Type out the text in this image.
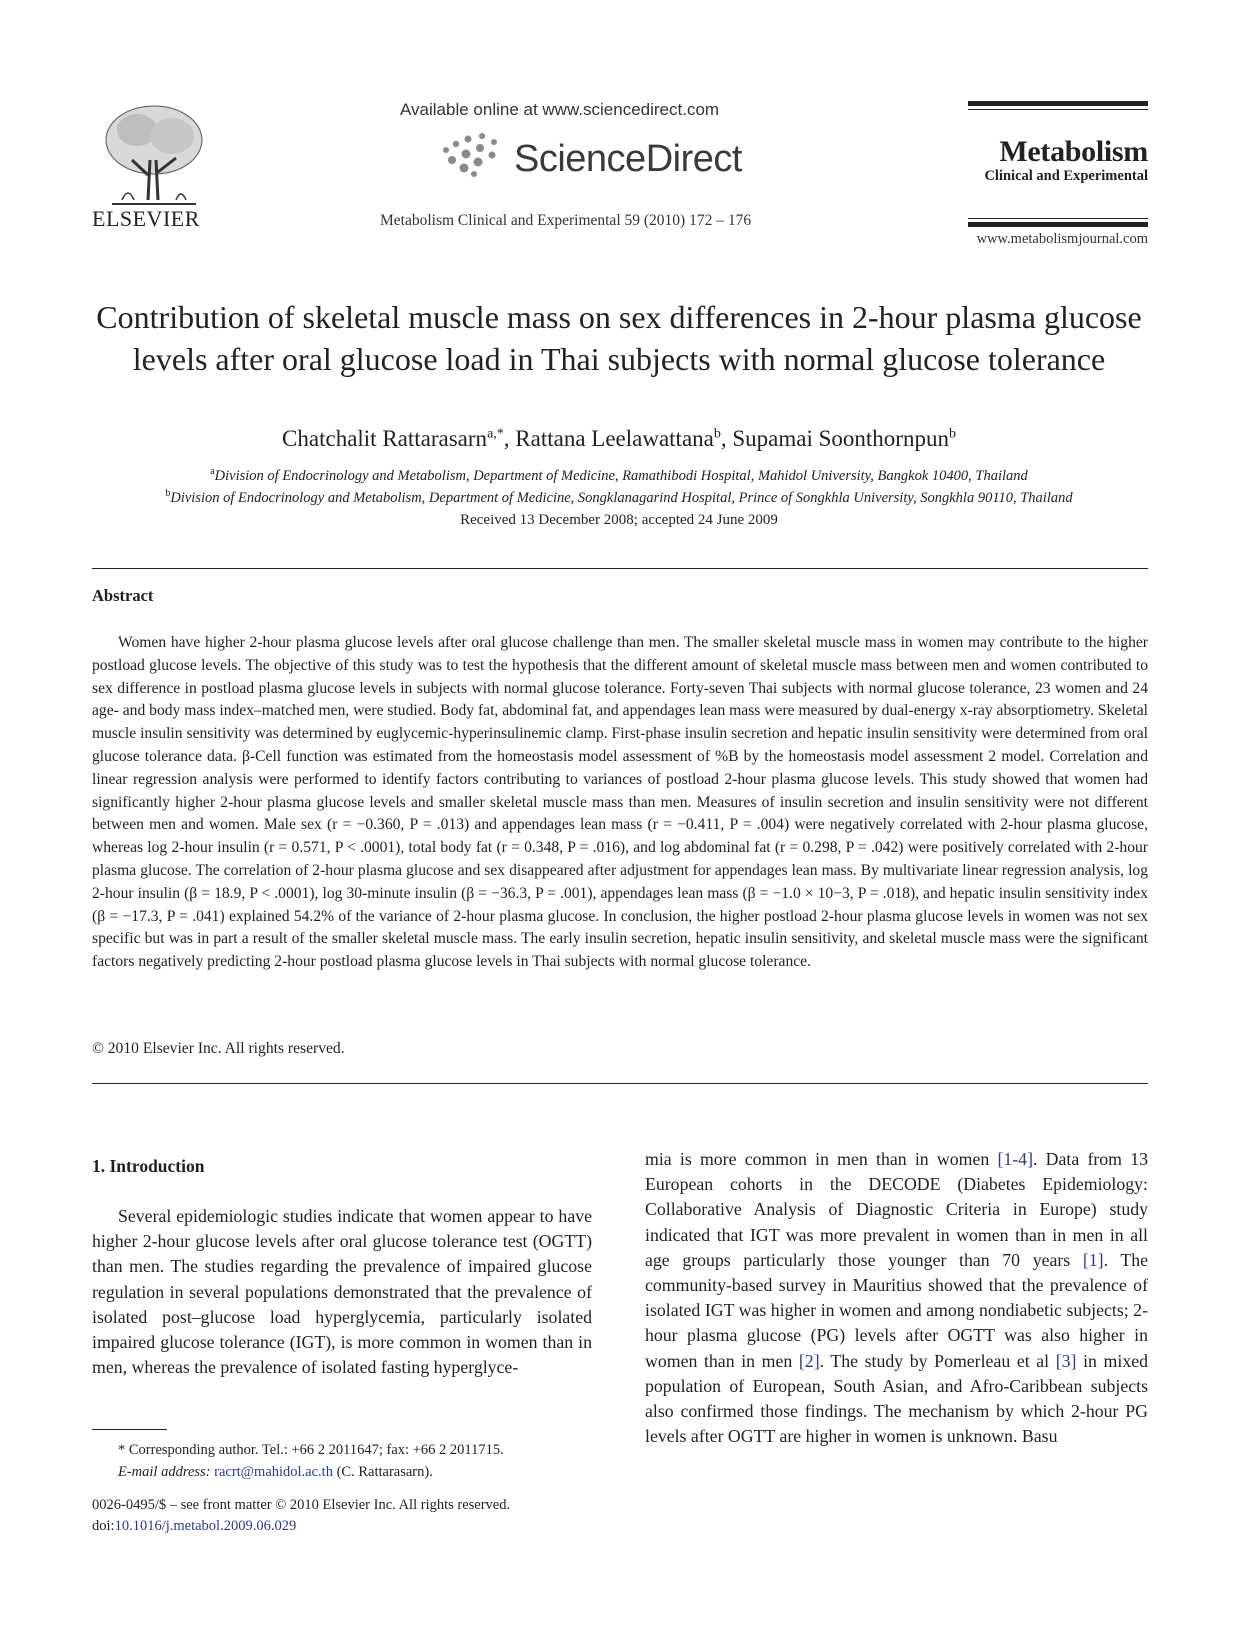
Available online at www.sciencedirect.com
ScienceDirect
Metabolism Clinical and Experimental 59 (2010) 172 – 176
ELSEVIER
Metabolism
Clinical and Experimental
www.metabolismjournal.com
Contribution of skeletal muscle mass on sex differences in 2-hour plasma glucose levels after oral glucose load in Thai subjects with normal glucose tolerance
Chatchalit Rattarasarn$^{a,*}$, Rattana Leelawattana$^b$, Supamai Soonthornpun$^b$
$^a$Division of Endocrinology and Metabolism, Department of Medicine, Ramathibodi Hospital, Mahidol University, Bangkok 10400, Thailand
$^b$Division of Endocrinology and Metabolism, Department of Medicine, Songklanagarind Hospital, Prince of Songkhla University, Songkhla 90110, Thailand
Received 13 December 2008; accepted 24 June 2009
Abstract
Women have higher 2-hour plasma glucose levels after oral glucose challenge than men. The smaller skeletal muscle mass in women may contribute to the higher postload glucose levels. The objective of this study was to test the hypothesis that the different amount of skeletal muscle mass between men and women contributed to sex difference in postload plasma glucose levels in subjects with normal glucose tolerance. Forty-seven Thai subjects with normal glucose tolerance, 23 women and 24 age- and body mass index–matched men, were studied. Body fat, abdominal fat, and appendages lean mass were measured by dual-energy x-ray absorptiometry. Skeletal muscle insulin sensitivity was determined by euglycemic-hyperinsulinemic clamp. First-phase insulin secretion and hepatic insulin sensitivity were determined from oral glucose tolerance data. β-Cell function was estimated from the homeostasis model assessment of %B by the homeostasis model assessment 2 model. Correlation and linear regression analysis were performed to identify factors contributing to variances of postload 2-hour plasma glucose levels. This study showed that women had significantly higher 2-hour plasma glucose levels and smaller skeletal muscle mass than men. Measures of insulin secretion and insulin sensitivity were not different between men and women. Male sex (r = −0.360, P = .013) and appendages lean mass (r = −0.411, P = .004) were negatively correlated with 2-hour plasma glucose, whereas log 2-hour insulin (r = 0.571, P < .0001), total body fat (r = 0.348, P = .016), and log abdominal fat (r = 0.298, P = .042) were positively correlated with 2-hour plasma glucose. The correlation of 2-hour plasma glucose and sex disappeared after adjustment for appendages lean mass. By multivariate linear regression analysis, log 2-hour insulin (β = 18.9, P < .0001), log 30-minute insulin (β = −36.3, P = .001), appendages lean mass (β = −1.0 × 10−3, P = .018), and hepatic insulin sensitivity index (β = −17.3, P = .041) explained 54.2% of the variance of 2-hour plasma glucose. In conclusion, the higher postload 2-hour plasma glucose levels in women was not sex specific but was in part a result of the smaller skeletal muscle mass. The early insulin secretion, hepatic insulin sensitivity, and skeletal muscle mass were the significant factors negatively predicting 2-hour postload plasma glucose levels in Thai subjects with normal glucose tolerance.
© 2010 Elsevier Inc. All rights reserved.
1. Introduction
Several epidemiologic studies indicate that women appear to have higher 2-hour glucose levels after oral glucose tolerance test (OGTT) than men. The studies regarding the prevalence of impaired glucose regulation in several populations demonstrated that the prevalence of isolated post–glucose load hyperglycemia, particularly isolated impaired glucose tolerance (IGT), is more common in women than in men, whereas the prevalence of isolated fasting hyperglyce-
mia is more common in men than in women [1-4]. Data from 13 European cohorts in the DECODE (Diabetes Epidemiology: Collaborative Analysis of Diagnostic Criteria in Europe) study indicated that IGT was more prevalent in women than in men in all age groups particularly those younger than 70 years [1]. The community-based survey in Mauritius showed that the prevalence of isolated IGT was higher in women and among nondiabetic subjects; 2-hour plasma glucose (PG) levels after OGTT was also higher in women than in men [2]. The study by Pomerleau et al [3] in mixed population of European, South Asian, and Afro-Caribbean subjects also confirmed those findings. The mechanism by which 2-hour PG levels after OGTT are higher in women is unknown. Basu
* Corresponding author. Tel.: +66 2 2011647; fax: +66 2 2011715.
E-mail address: racrt@mahidol.ac.th (C. Rattarasarn).
0026-0495/$ – see front matter © 2010 Elsevier Inc. All rights reserved.
doi:10.1016/j.metabol.2009.06.029
